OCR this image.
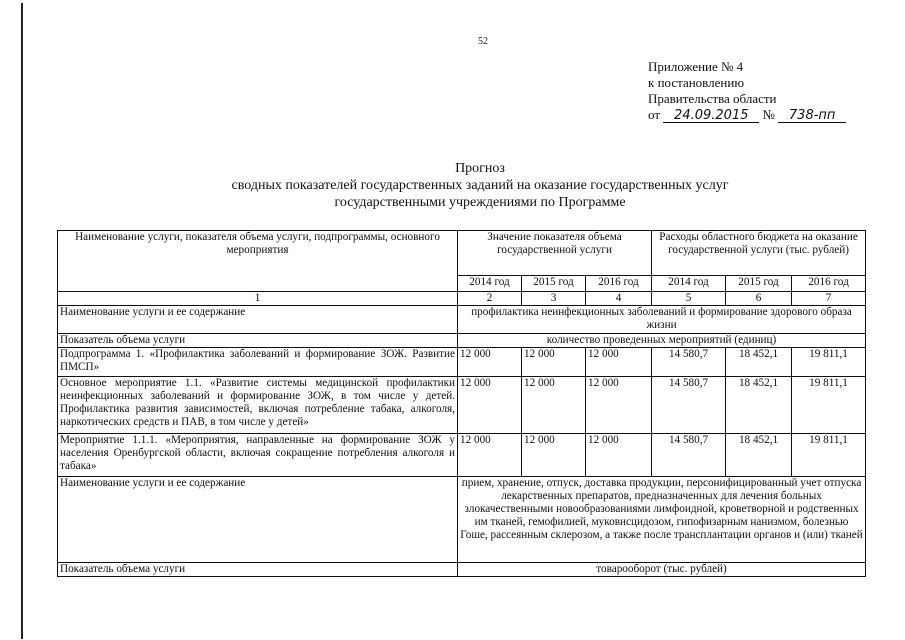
52
Приложение № 4
к постановлению
Правительства области
от 24.09.2015 № 738-пп
Прогноз
сводных показателей государственных заданий на оказание государственных услуг
государственными учреждениями по Программе
Наименование услуги, показателя объема услуги, подпрограммы, основного мероприятия	Значение показателя объема государственной услуги			Расходы областного бюджета на оказание государственной услуги (тыс. рублей)		
	2014 год	2015 год	2016 год	2014 год	2015 год	2016 год
1	2	3	4	5	6	7
Наименование услуги и ее содержание	профилактика неинфекционных заболеваний и формирование здорового образа жизни					
Показатель объема услуги	количество проведенных мероприятий (единиц)					
Подпрограмма 1. «Профилактика заболеваний и формирование ЗОЖ. Развитие ПМСП»	12 000	12 000	12 000	14 580,7	18 452,1	19 811,1
Основное мероприятие 1.1. «Развитие системы медицинской профилактики неинфекционных заболеваний и формирование ЗОЖ, в том числе у детей. Профилактика развития зависимостей, включая потребление табака, алкоголя, наркотических средств и ПАВ, в том числе у детей»	12 000	12 000	12 000	14 580,7	18 452,1	19 811,1
Мероприятие 1.1.1. «Мероприятия, направленные на формирование ЗОЖ у населения Оренбургской области, включая сокращение потребления алкоголя и табака»	12 000	12 000	12 000	14 580,7	18 452,1	19 811,1
Наименование услуги и ее содержание	прием, хранение, отпуск, доставка продукции, персонифицированный учет отпуска лекарственных препаратов, предназначенных для лечения больных злокачественными новообразованиями лимфоидной, кроветворной и родственных им тканей, гемофилией, муковисцидозом, гипофизарным нанизмом, болезнью Гоше, рассеянным склерозом, а также после трансплантации органов и (или) тканей					
Показатель объема услуги	товарооборот (тыс. рублей)					
